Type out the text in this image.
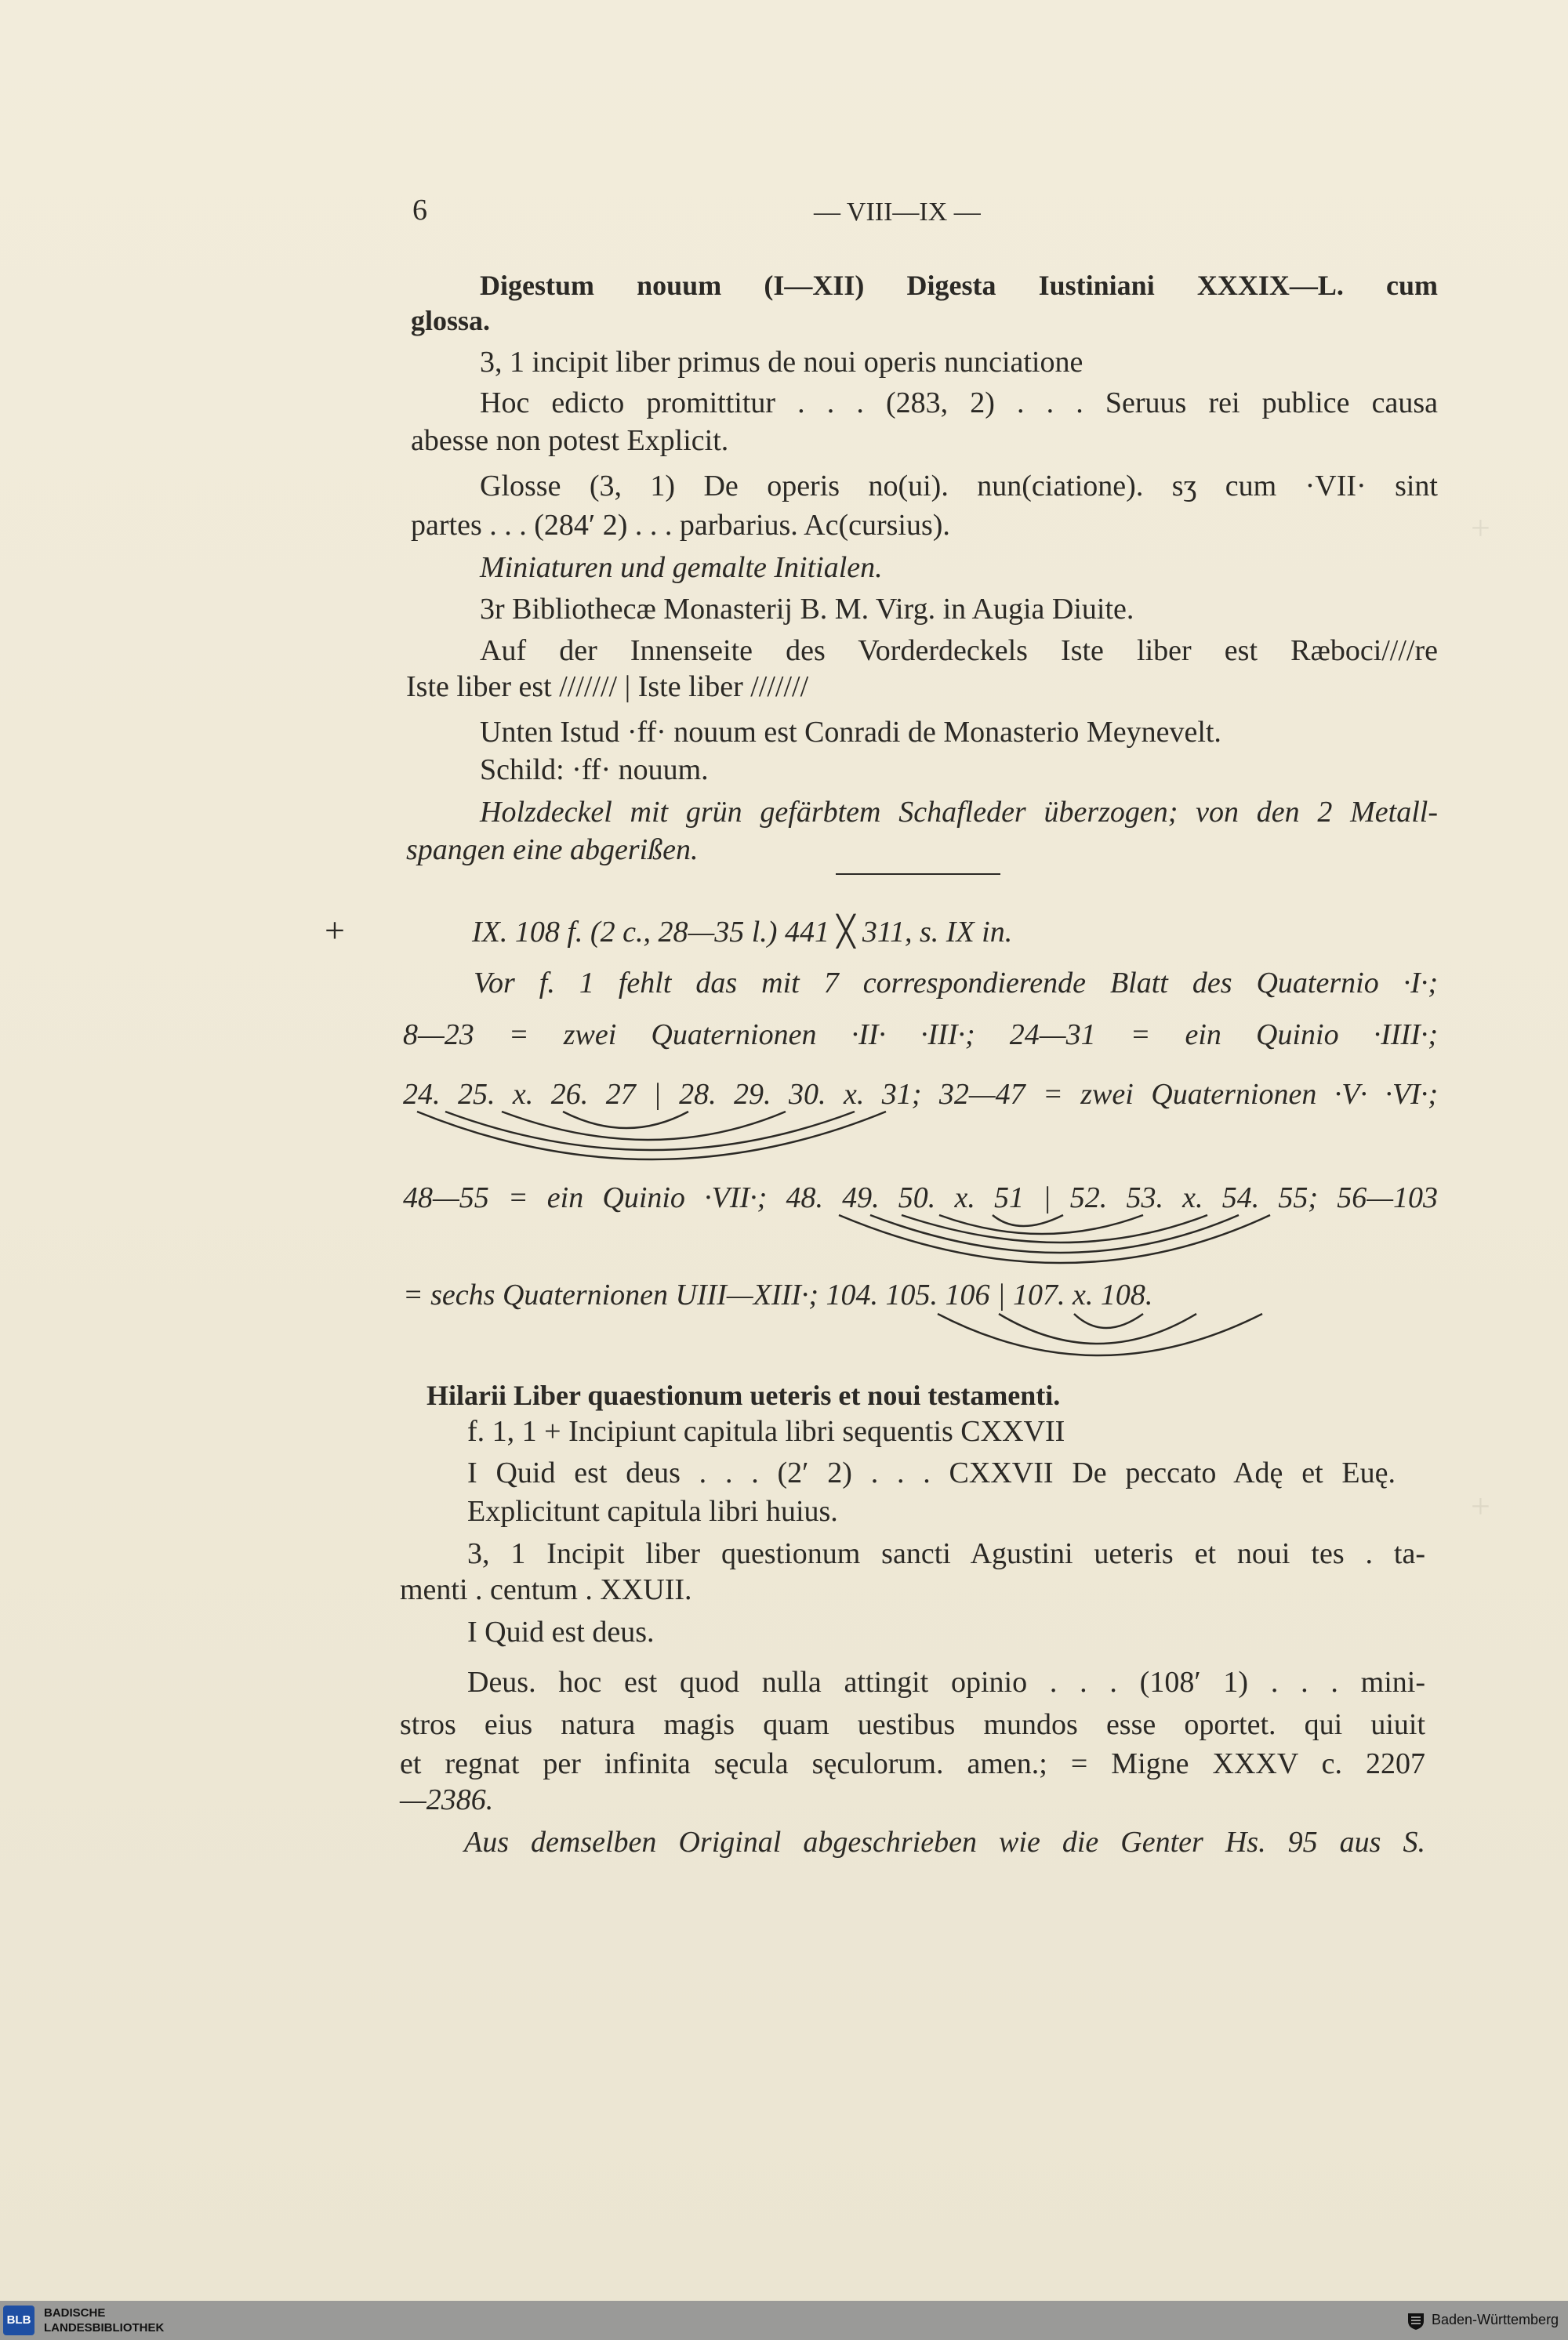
+
+
6	— VIII—IX —
Digestum nouum (I—XII) Digesta Iustiniani XXXIX—L. cum
glossa.
3, 1 incipit liber primus de noui operis nunciatione
Hoc edicto promittitur . . . (283, 2) . . . Seruus rei publice causa
abesse non potest Explicit.
Glosse (3, 1) De operis no(ui). nun(ciatione). sʒ cum ·VII· sint
partes . . . (284′ 2) . . . parbarius. Ac(cursius).
Miniaturen und gemalte Initialen.
3r Bibliothecæ Monasterij B. M. Virg. in Augia Diuite.
Auf der Innenseite des Vorderdeckels Iste liber est Ræboci////re
Iste liber est /////// | Iste liber ///////
Unten Istud ·ff· nouum est Conradi de Monasterio Meynevelt.
Schild: ·ff· nouum.
Holzdeckel mit grün gefärbtem Schafleder überzogen; von den 2 Metall-
spangen eine abgerißen.
+	IX. 108 f. (2 c., 28—35 l.) 441 ╳ 311, s. IX in.
Vor f. 1 fehlt das mit 7 correspondierende Blatt des Quaternio ·I·;
8—23 = zwei Quaternionen ·II· ·III·; 24—31 = ein Quinio ·IIII·;
24. 25. x. 26. 27 | 28. 29. 30. x. 31; 32—47 = zwei Quaternionen ·V· ·VI·;
48—55 = ein Quinio ·VII·; 48. 49. 50. x. 51 | 52. 53. x. 54. 55; 56—103
= sechs Quaternionen UIII—XIII·; 104. 105. 106 | 107. x. 108.
Hilarii Liber quaestionum ueteris et noui testamenti.
f. 1, 1 + Incipiunt capitula libri sequentis CXXVII
I Quid est deus . . . (2′ 2) . . . CXXVII De peccato Adę et Euę.
Explicitunt capitula libri huius.
3, 1 Incipit liber questionum sancti Agustini ueteris et noui tes . ta-
menti . centum . XXUII.
I Quid est deus.
Deus. hoc est quod nulla attingit opinio . . . (108′ 1) . . . mini-
stros eius natura magis quam uestibus mundos esse oportet. qui uiuit
et regnat per infinita sęcula sęculorum. amen.; = Migne XXXV c. 2207
—2386.
Aus demselben Original abgeschrieben wie die Genter Hs. 95 aus S.
BLB
BADISCHE
LANDESBIBLIOTHEK
Baden-Württemberg
